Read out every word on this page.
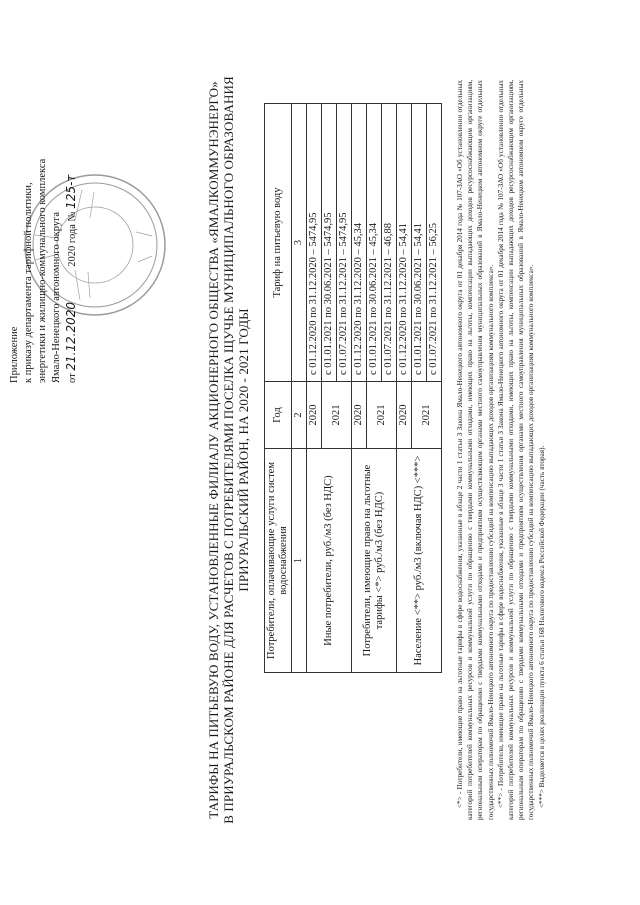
Приложение к приказу департамента тарифной политики, энергетики и жилищно-коммунального комплекса Ямало-Ненецкого автономного округа от 21.12.2020  2020 года № 125-т	ТАРИФЫ НА ПИТЬЕВУЮ ВОДУ, УСТАНОВЛЕННЫЕ ФИЛИАЛУ АКЦИОНЕРНОГО ОБЩЕСТВА «ЯМАЛКОММУНЭНЕРГО» В ПРИУРАЛЬСКОМ РАЙОНЕ ДЛЯ РАСЧЕТОВ С ПОТРЕБИТЕЛЯМИ ПОСЕЛКА ЩУЧЬЕ МУНИЦИПАЛЬНОГО ОБРАЗОВАНИЯ ПРИУРАЛЬСКИЙ РАЙОН, НА 2020 - 2021 ГОДЫ Потребители, оплачивающие услуги систем водоснабжения	Год	Тариф на питьевую воду
1	2	3
Иные потребители, руб./м3 (без НДС)	2020	с 01.12.2020 по 31.12.2020 – 5474,95
	2021	с 01.01.2021 по 30.06.2021 – 5474,95
		с 01.07.2021 по 31.12.2021 – 5474,95
Потребители, имеющие право на льготные тарифы <*> руб./м3 (без НДС)	2020	с 01.12.2020 по 31.12.2020 – 45,34
	2021	с 01.01.2021 по 30.06.2021 – 45,34
		с 01.07.2021 по 31.12.2021 – 46,88
Население <**> руб./м3 (включая НДС) <***>	2020	с 01.12.2020 по 31.12.2020 – 54,41
	2021	с 01.01.2021 по 30.06.2021 – 54,41
		с 01.07.2021 по 31.12.2021 – 56,25 <*> - Потребители, имеющие право на льготные тарифы в сфере водоснабжения, указанные в абзаце 2 части 1 статьи 3 Закона Ямало-Ненецкого автономного округа от 01 декабря 2014 года № 107-ЗАО «Об установлении отдельных категорий потребителей коммунальных ресурсов и коммунальной услуги по обращению с твердыми коммунальными отходами, имеющих право на льготы, компенсации выпадающих доходов ресурсоснабжающим организациям, региональным операторам по обращению с твердыми коммунальными отходами и предприятиям осуществляющим органами местного самоуправления муниципальных образований в Ямало-Ненецком автономном округе отдельных государственных полномочий Ямало-Ненецкого автономного округа по предоставлению субсидий на компенсацию выпадающих доходов организациям коммунального комплекса». <**> - Потребители, имеющие право на льготные тарифы в сфере водоснабжения, указанные в абзаце 3 части 1 статьи 3 Закона Ямало-Ненецкого автономного округа от 01 декабря 2014 года № 107-ЗАО «Об установлении отдельных категорий потребителей коммунальных ресурсов и коммунальной услуги по обращению с твердыми коммунальными отходами, имеющих право на льготы, компенсации выпадающих доходов ресурсоснабжающим организациям, региональным операторам по обращению с твердыми коммунальными отходами и предприятиям осуществления органами местного самоуправления муниципальных образований в Ямало-Ненецком автономном округе отдельных государственных полномочий Ямало-Ненецкого автономного округа по предоставлению субсидий на компенсацию выпадающих доходов организациям коммунального комплекса». <***> Выделяется в целях реализации пункта 6 статьи 168 Налогового кодекса Российской Федерации (часть вторая).
